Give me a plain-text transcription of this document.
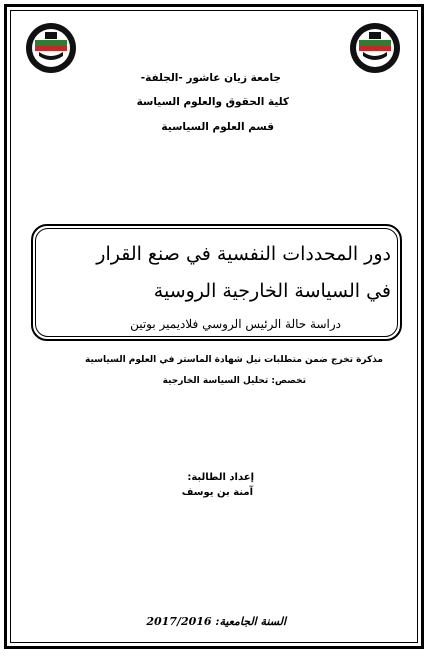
جامعة زيان عاشور -الجلفة-
كلية الحقوق والعلوم السياسة
قسم العلوم السياسية
دور المحددات النفسية في صنع القرار
في السياسة الخارجية الروسية
دراسة حالة الرئيس الروسي فلاديمير بوتين
مذكرة تخرج ضمن متطلبات نيل شهادة الماستر في العلوم السياسية
تخصص: تحليل السياسة الخارجية
إعداد الطالبة:
آمنة بن يوسف
السنة الجامعية: 2017/2016
